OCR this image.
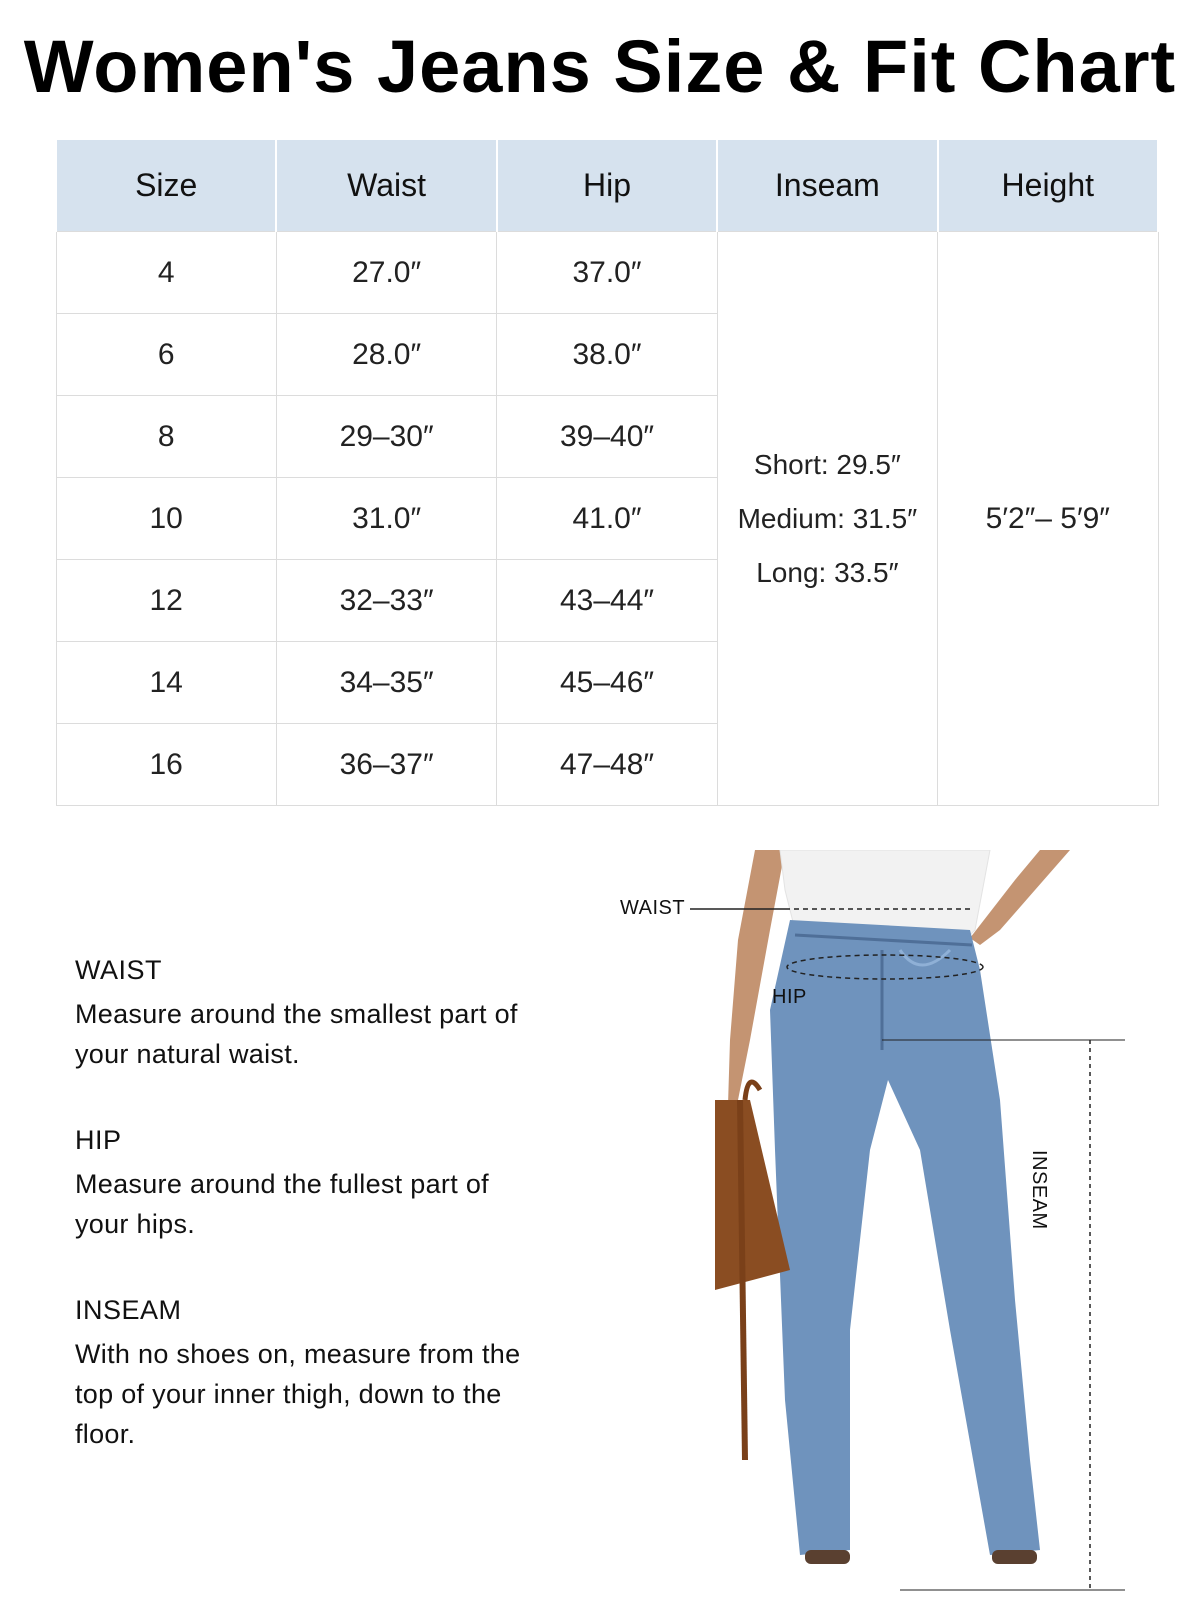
Women's Jeans Size & Fit Chart
Size	Waist	Hip	Inseam	Height
4	27.0″	37.0″	Short: 29.5″
Medium: 31.5″
Long: 33.5″	5′2″– 5′9″
6	28.0″	38.0″		
8	29–30″	39–40″		
10	31.0″	41.0″		
12	32–33″	43–44″		
14	34–35″	45–46″		
16	36–37″	47–48″		
WAIST
Measure around the smallest part of
your natural waist.
HIP
Measure around the fullest part of
your hips.
INSEAM
With no shoes on, measure from the
top of your inner thigh, down to the
floor.
WAIST
HIP
INSEAM
